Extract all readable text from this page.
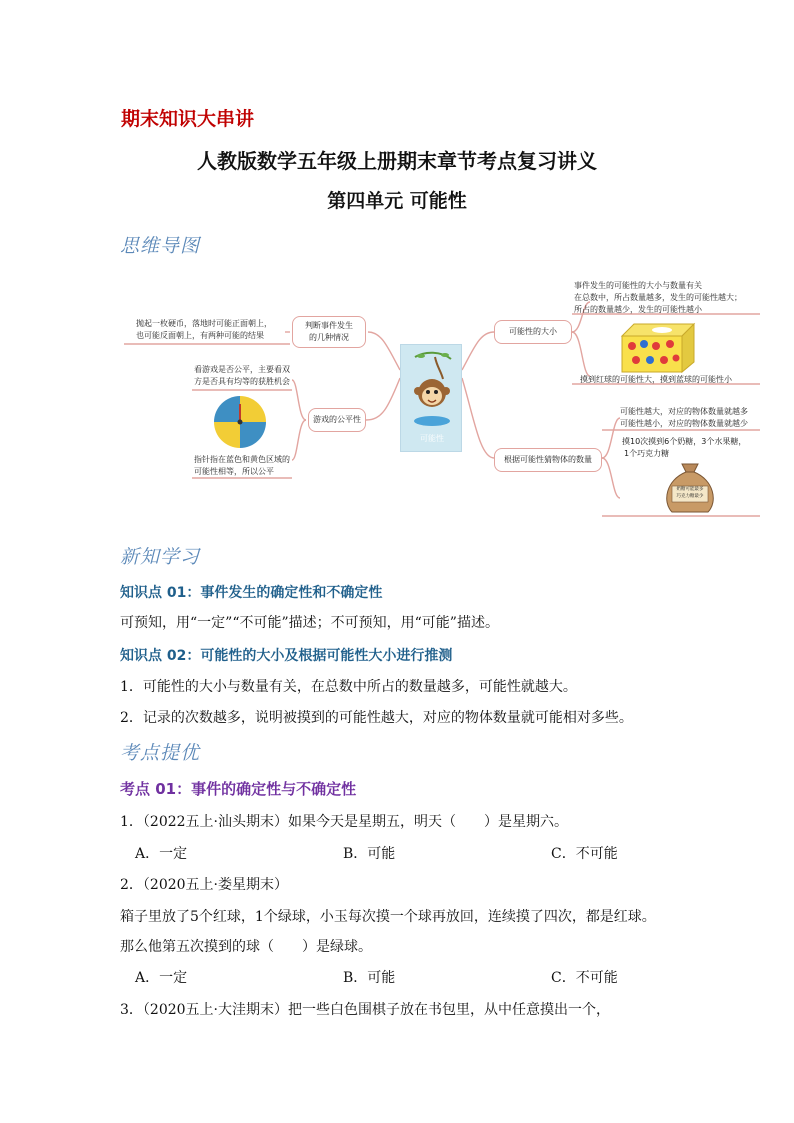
期末知识大串讲
人教版数学五年级上册期末章节考点复习讲义
第四单元 可能性
思维导图
抛起一枚硬币，落地时可能正面朝上，
也可能反面朝上，有两种可能的结果
判断事件发生的几种情况
看游戏是否公平，主要看双
方是否具有均等的获胜机会
指针指在蓝色和黄色区域的
可能性相等，所以公平
游戏的公平性
可能性
事件发生的可能性的大小与数量有关
在总数中，所占数量越多，发生的可能性越大；
所占的数量越少，发生的可能性越小
可能性的大小
摸到红球的可能性大，摸到蓝球的可能性小
可能性越大，对应的物体数量就越多
可能性越小，对应的物体数量就越少
根据可能性猜物体的数量
摸10次摸到6个奶糖，3个水果糖，
1个巧克力糖
奶糖可能最多
巧克力糖最少
新知学习
知识点 01：事件发生的确定性和不确定性
可预知，用“一定”“不可能”描述；不可预知，用“可能”描述。
知识点 02：可能性的大小及根据可能性大小进行推测
1．可能性的大小与数量有关，在总数中所占的数量越多，可能性就越大。
2．记录的次数越多，说明被摸到的可能性越大，对应的物体数量就可能相对多些。
考点提优
考点 01：事件的确定性与不确定性
1．（2022五上·汕头期末）如果今天是星期五，明天（　　）是星期六。
A．一定	B．可能	C．不可能
2．（2020五上·娄星期末）
箱子里放了5个红球，1个绿球，小玉每次摸一个球再放回，连续摸了四次，都是红球。
那么他第五次摸到的球（　　）是绿球。
A．一定	B．可能	C．不可能
3．（2020五上·大洼期末）把一些白色围棋子放在书包里，从中任意摸出一个，
